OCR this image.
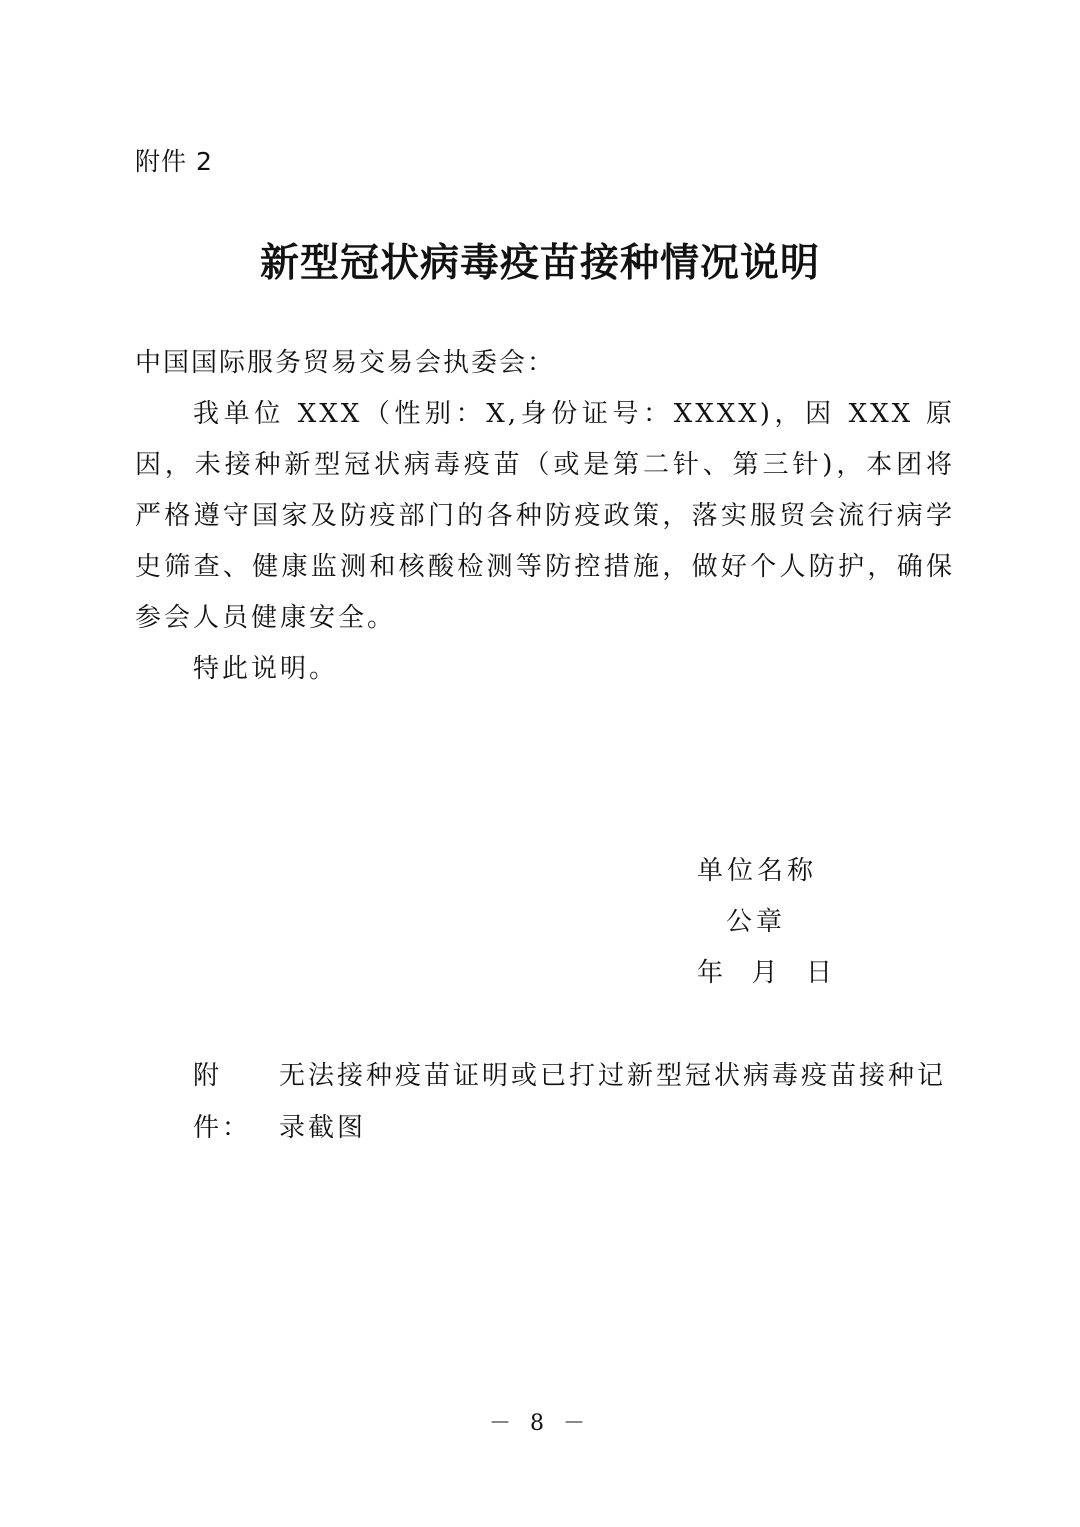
附件 2
新型冠状病毒疫苗接种情况说明

中国国际服务贸易交易会执委会：

我单位 XXX（性别：X,身份证号：XXXX)，因 XXX 原因，未接种新型冠状病毒疫苗（或是第二针、第三针)，本团将严格遵守国家及防疫部门的各种防疫政策，落实服贸会流行病学史筛查、健康监测和核酸检测等防控措施，做好个人防护，确保参会人员健康安全。

特此说明。

单位名称
公章
年  月  日
附件：
无法接种疫苗证明或已打过新型冠状病毒疫苗接种记录截图
－ 8 －
